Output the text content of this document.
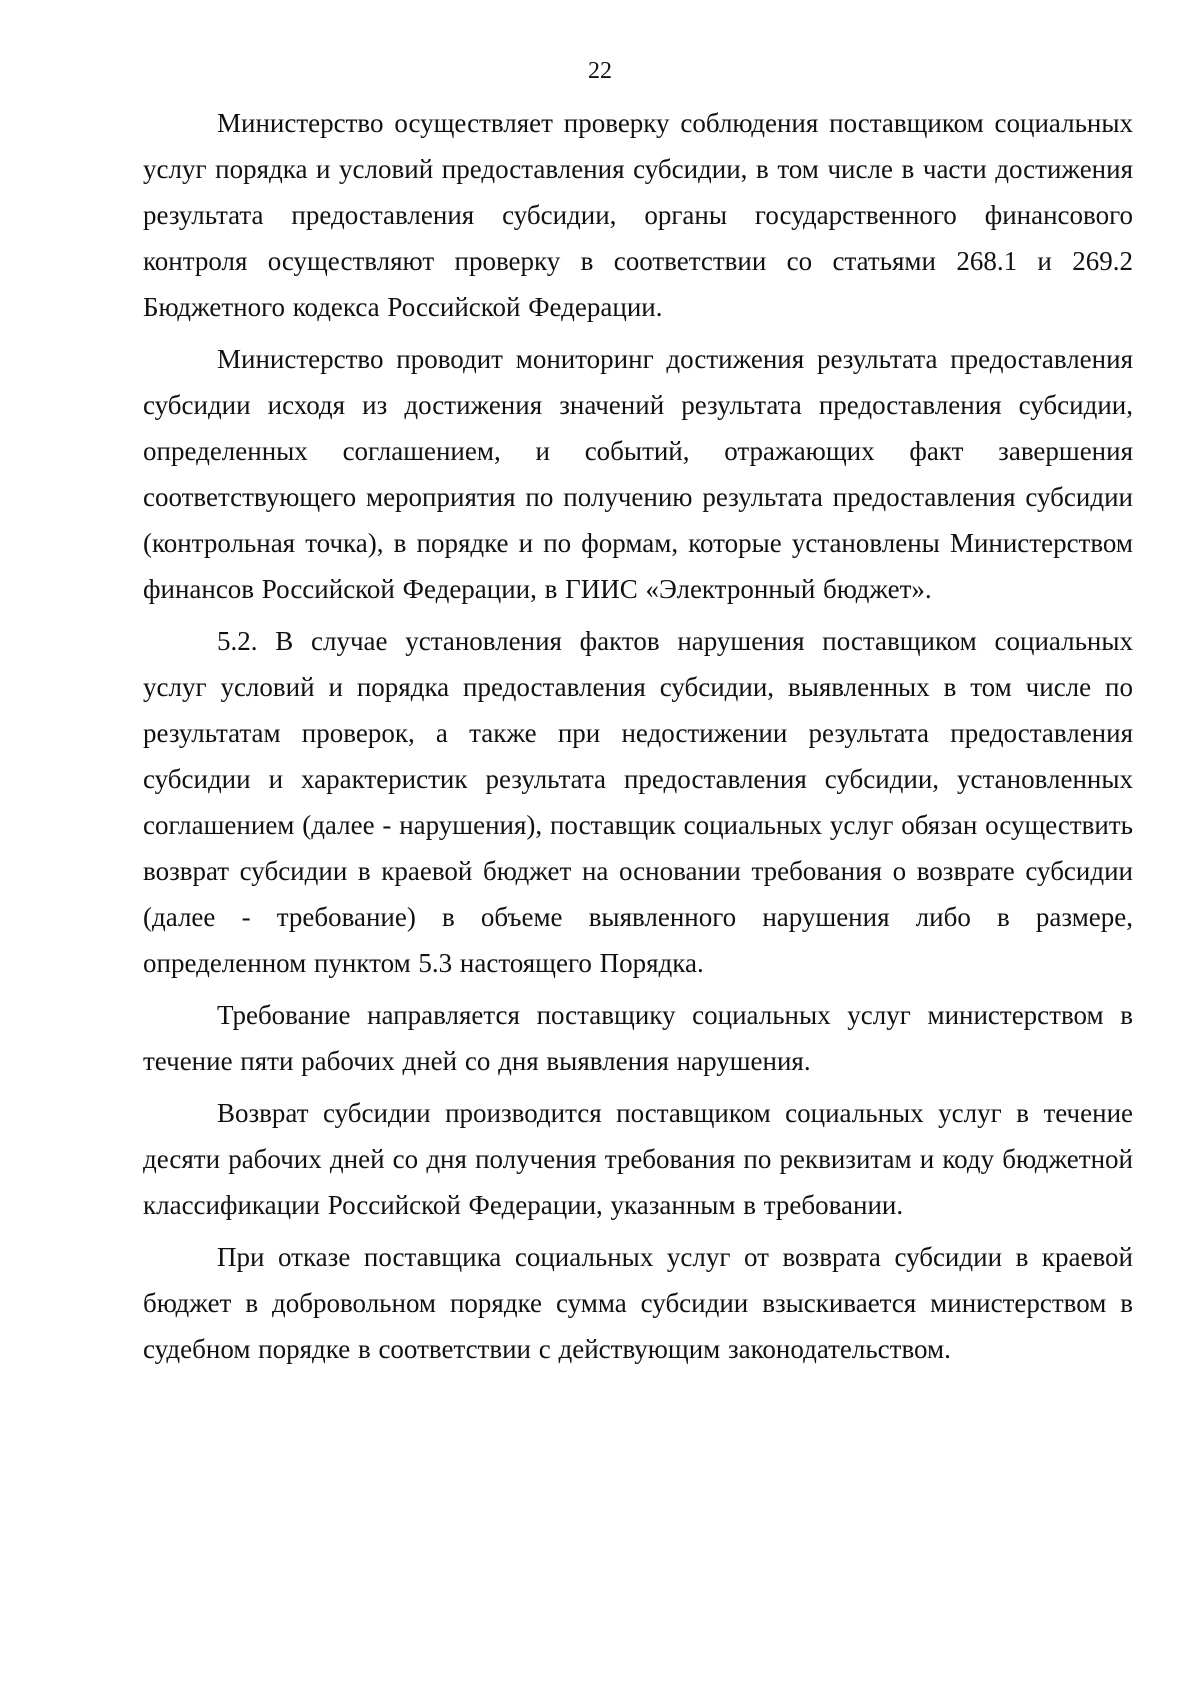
22

Министерство осуществляет проверку соблюдения поставщиком социальных услуг порядка и условий предоставления субсидии, в том числе в части достижения результата предоставления субсидии, органы государственного финансового контроля осуществляют проверку в соответствии со статьями 268.1 и 269.2 Бюджетного кодекса Российской Федерации.

Министерство проводит мониторинг достижения результата предоставления субсидии исходя из достижения значений результата предоставления субсидии, определенных соглашением, и событий, отражающих факт завершения соответствующего мероприятия по получению результата предоставления субсидии (контрольная точка), в порядке и по формам, которые установлены Министерством финансов Российской Федерации, в ГИИС «Электронный бюджет».

5.2. В случае установления фактов нарушения поставщиком социальных услуг условий и порядка предоставления субсидии, выявленных в том числе по результатам проверок, а также при недостижении результата предоставления субсидии и характеристик результата предоставления субсидии, установленных соглашением (далее - нарушения), поставщик социальных услуг обязан осуществить возврат субсидии в краевой бюджет на основании требования о возврате субсидии (далее - требование) в объеме выявленного нарушения либо в размере, определенном пунктом 5.3 настоящего Порядка.

Требование направляется поставщику социальных услуг министерством в течение пяти рабочих дней со дня выявления нарушения.

Возврат субсидии производится поставщиком социальных услуг в течение десяти рабочих дней со дня получения требования по реквизитам и коду бюджетной классификации Российской Федерации, указанным в требовании.

При отказе поставщика социальных услуг от возврата субсидии в краевой бюджет в добровольном порядке сумма субсидии взыскивается министерством в судебном порядке в соответствии с действующим законодательством.
